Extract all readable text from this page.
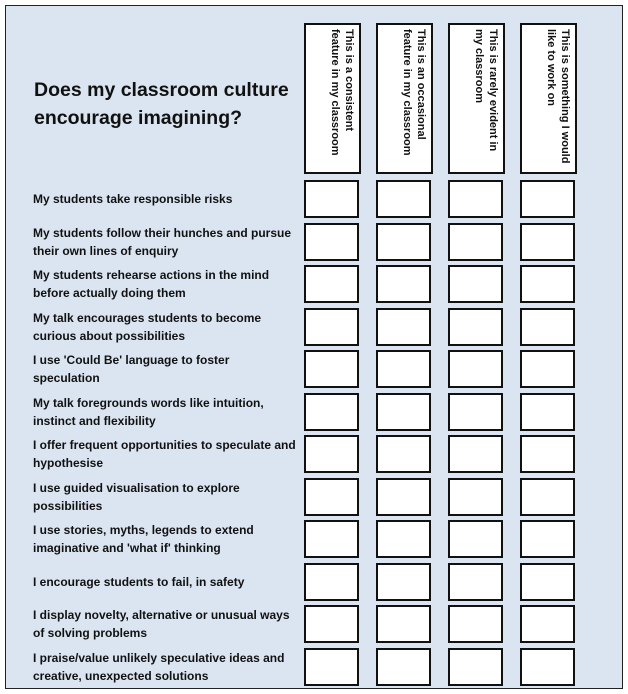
Does my classroom culture encourage imagining?	This is a consistent feature in my classroom	This is an occasional feature in my classroom	This is rarely evident in my classroom	This is something I would like to work on
My students take responsible risks
My students follow their hunches and pursue their own lines of enquiry
My students rehearse actions in the mind before actually doing them
My talk encourages students to become curious about possibilities
I use 'Could Be' language to foster speculation
My talk foregrounds words like intuition, instinct and flexibility
I offer frequent opportunities to speculate and hypothesise
I use guided visualisation to explore possibilities
I use stories, myths, legends to extend imaginative and 'what if' thinking
I encourage students to fail, in safety
I display novelty, alternative or unusual ways of solving problems
I praise/value unlikely speculative ideas and creative, unexpected solutions
